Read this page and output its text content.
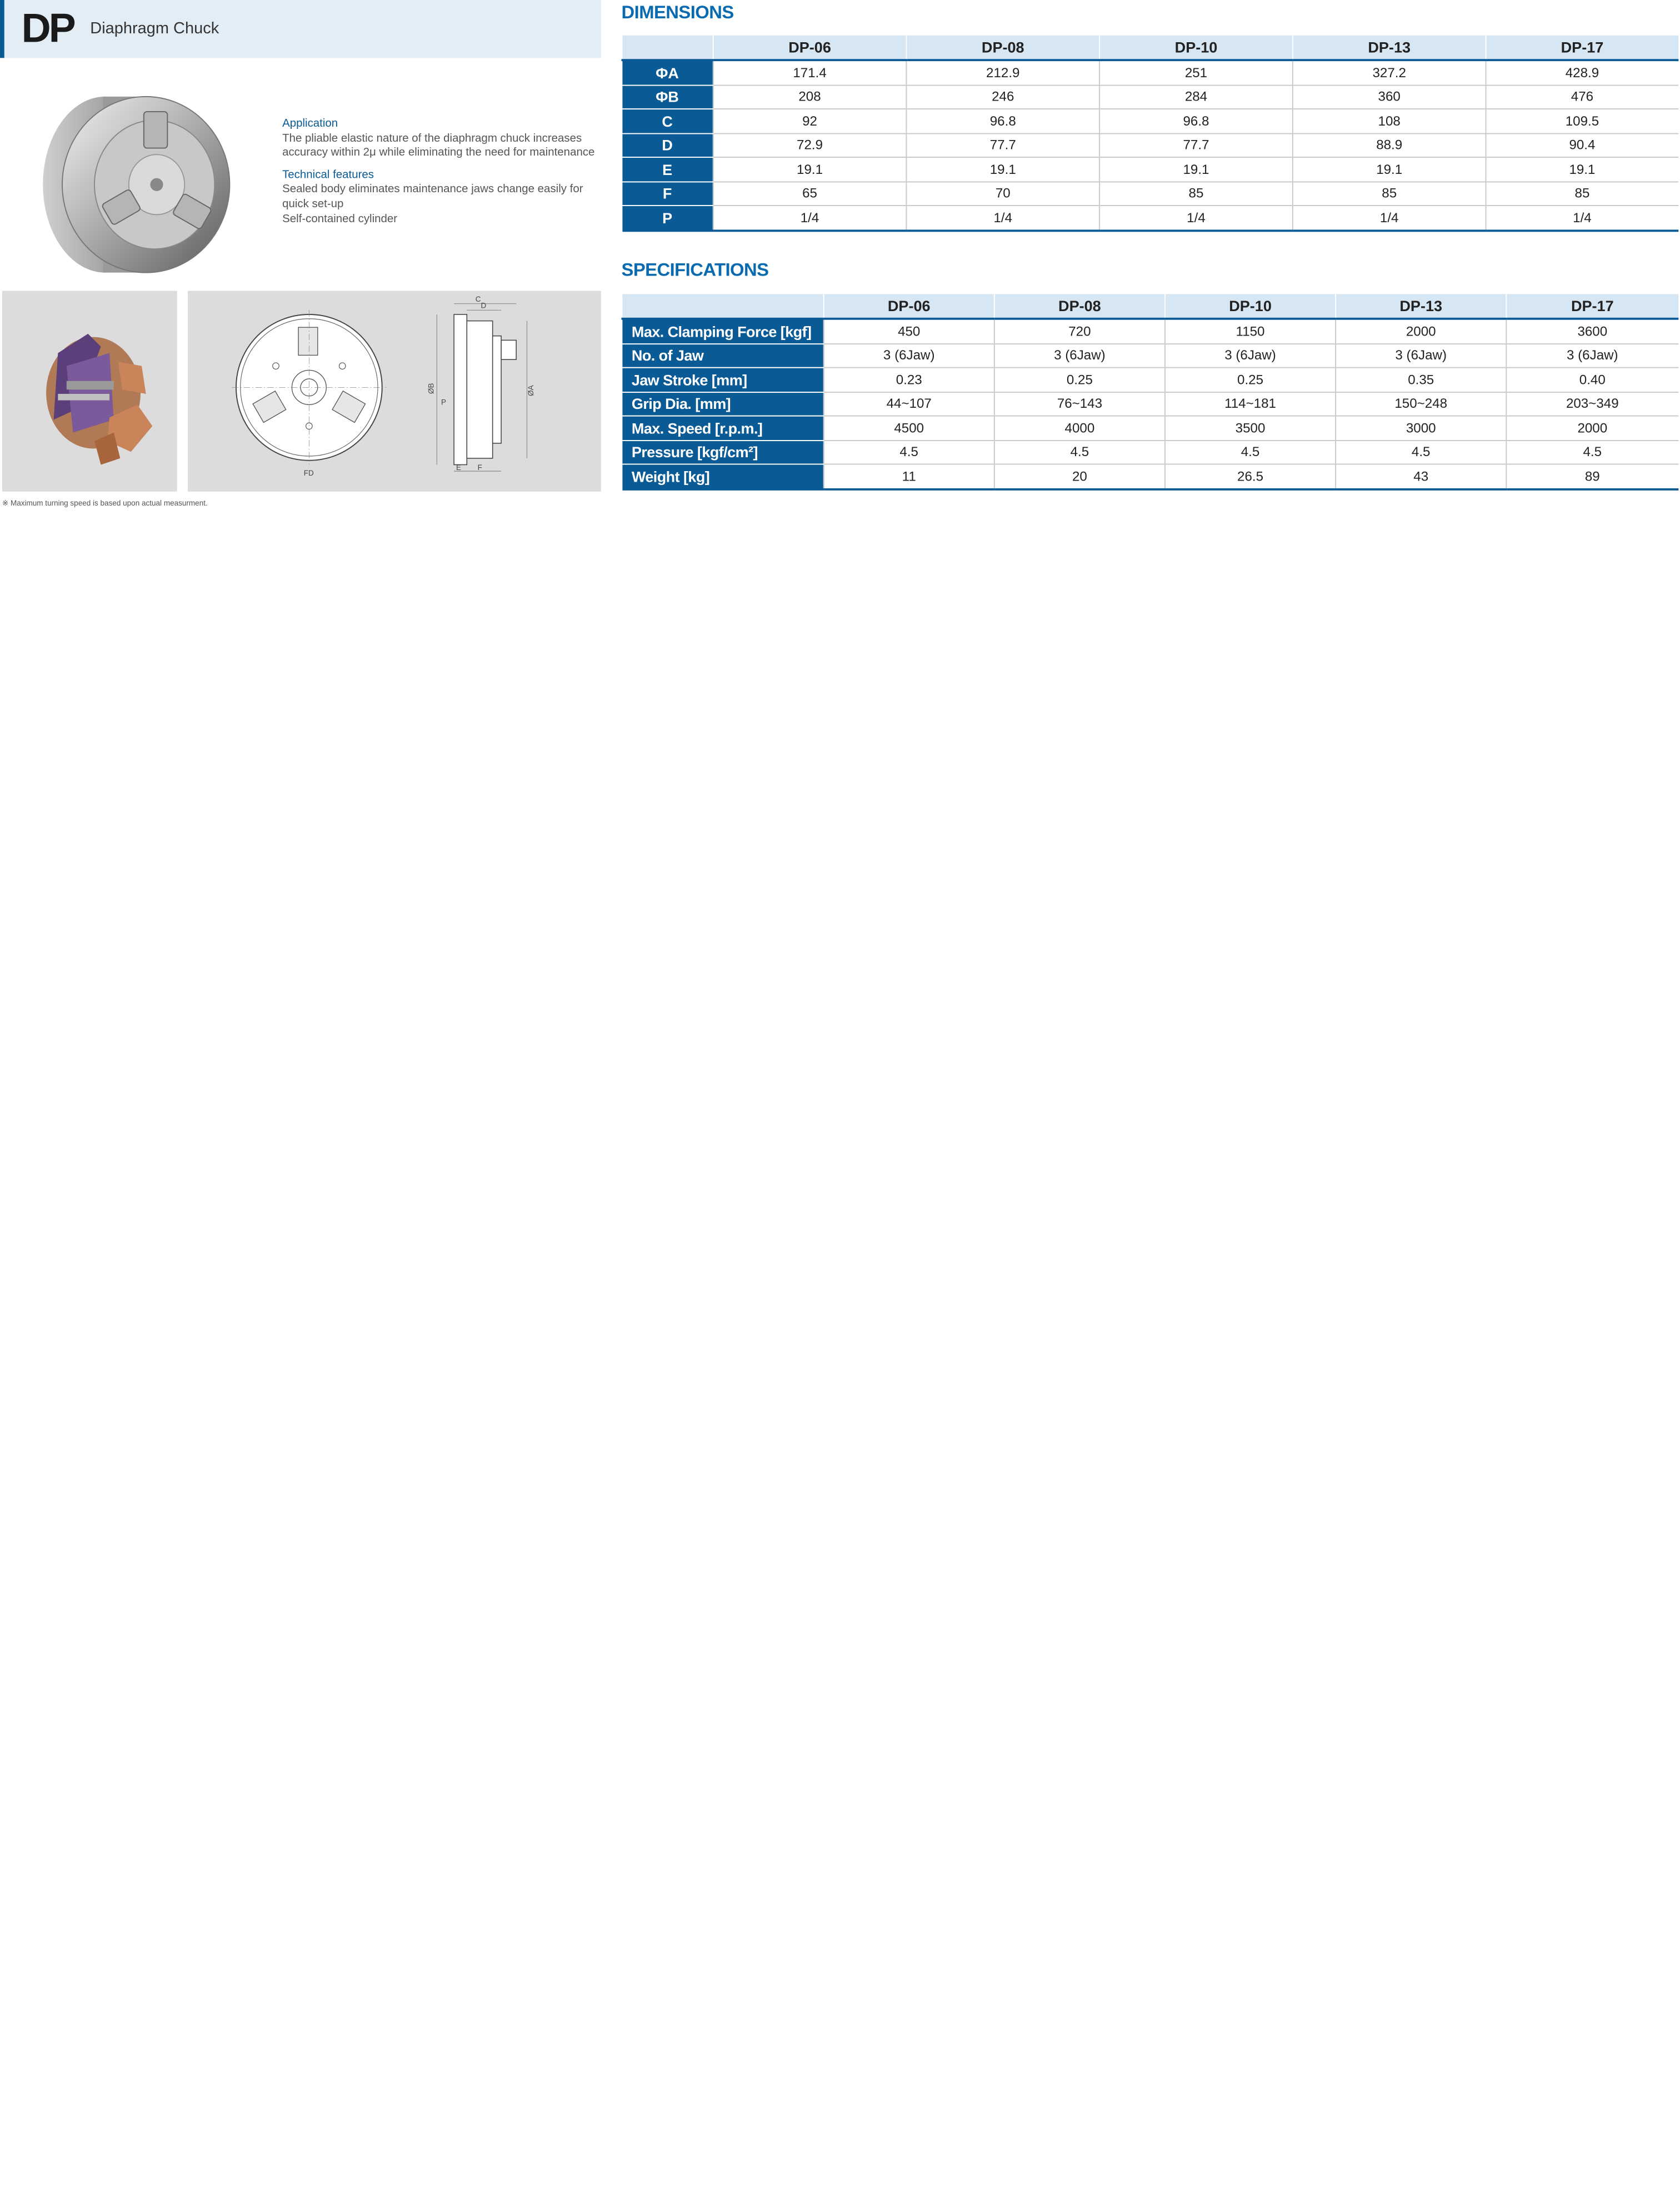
DP Diaphragm Chuck
Application

The pliable elastic nature of the diaphragm chuck increases accuracy within 2μ while eliminating the need for maintenance

Technical features

Sealed body eliminates maintenance jaws change easily for quick set-up

Self-contained cylinder

FD
C
D
E	F
P
ØB	ØA
※ Maximum turning speed is based upon actual measurment.
DIMENSIONS
	DP-06	DP-08	DP-10	DP-13	DP-17
ΦA	171.4	212.9	251	327.2	428.9
ΦB	208	246	284	360	476
C	92	96.8	96.8	108	109.5
D	72.9	77.7	77.7	88.9	90.4
E	19.1	19.1	19.1	19.1	19.1
F	65	70	85	85	85
P	1/4	1/4	1/4	1/4	1/4
SPECIFICATIONS
	DP-06	DP-08	DP-10	DP-13	DP-17
Max. Clamping Force [kgf]	450	720	1150	2000	3600
No. of Jaw	3 (6Jaw)	3 (6Jaw)	3 (6Jaw)	3 (6Jaw)	3 (6Jaw)
Jaw Stroke [mm]	0.23	0.25	0.25	0.35	0.40
Grip Dia. [mm]	44~107	76~143	114~181	150~248	203~349
Max. Speed [r.p.m.]	4500	4000	3500	3000	2000
Pressure [kgf/cm²]	4.5	4.5	4.5	4.5	4.5
Weight [kg]	11	20	26.5	43	89
